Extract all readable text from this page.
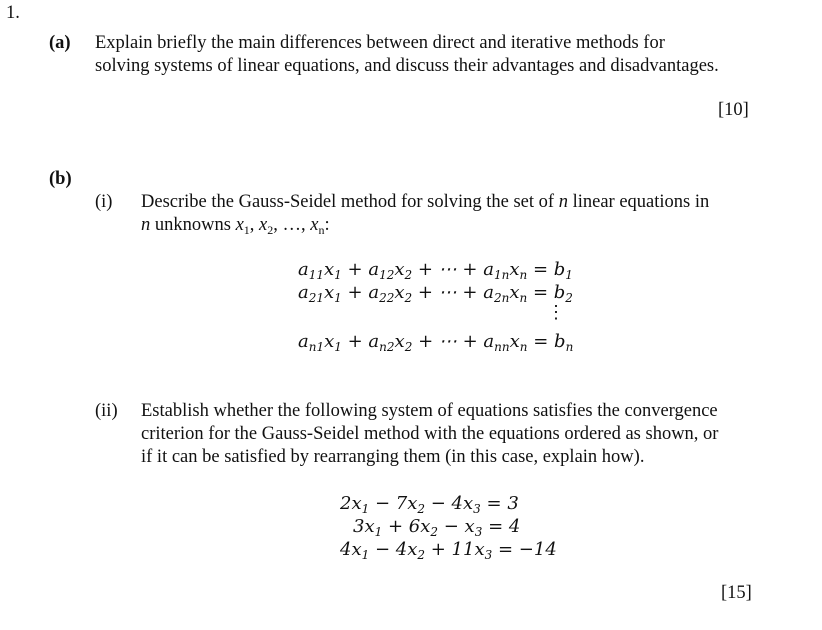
1.
(a) Explain briefly the main differences between direct and iterative methods for
solving systems of linear equations, and discuss their advantages and disadvantages.
[10]
(b)
(i) Describe the Gauss-Seidel method for solving the set of n linear equations in
n unknowns $x_1$, $x_2$, …, $x_n$:
$a_{11}x_1 + a_{12}x_2$ + ⋯ + $a_{1n}x_n = b_1$
$a_{21}x_1 + a_{22}x_2$ + ⋯ + $a_{2n}x_n = b_2$
⋮
$a_{n1}x_1 + a_{n2}x_2$ + ⋯ + $a_{nn}x_n = b_n$
(ii) Establish whether the following system of equations satisfies the convergence
criterion for the Gauss-Seidel method with the equations ordered as shown, or
if it can be satisfied by rearranging them (in this case, explain how).
$2x_1 - 7x_2 - 4x_3 = 3$
$3x_1 + 6x_2 - x_3 = 4$
$4x_1 - 4x_2 + 11x_3 = -14$
[15]
